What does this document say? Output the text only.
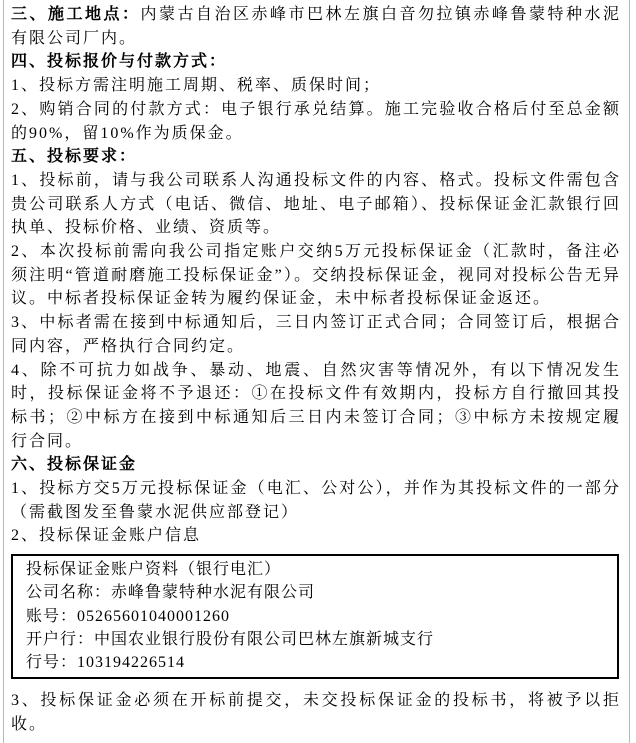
三、施工地点：内蒙古自治区赤峰市巴林左旗白音勿拉镇赤峰鲁蒙特种水泥有限公司厂内。

四、投标报价与付款方式：

1、投标方需注明施工周期、税率、质保时间；

2、购销合同的付款方式：电子银行承兑结算。施工完验收合格后付至总金额的90%，留10%作为质保金。

五、投标要求：

1、投标前，请与我公司联系人沟通投标文件的内容、格式。投标文件需包含贵公司联系人方式（电话、微信、地址、电子邮箱）、投标保证金汇款银行回执单、投标价格、业绩、资质等。

2、本次投标前需向我公司指定账户交纳5万元投标保证金（汇款时，备注必须注明“管道耐磨施工投标保证金”）。交纳投标保证金，视同对投标公告无异议。中标者投标保证金转为履约保证金，未中标者投标保证金返还。

3、中标者需在接到中标通知后，三日内签订正式合同；合同签订后，根据合同内容，严格执行合同约定。

4、除不可抗力如战争、暴动、地震、自然灾害等情况外，有以下情况发生时，投标保证金将不予退还：①在投标文件有效期内，投标方自行撤回其投标书；②中标方在接到中标通知后三日内未签订合同；③中标方未按规定履行合同。

六、投标保证金

1、投标方交5万元投标保证金（电汇、公对公），并作为其投标文件的一部分（需截图发至鲁蒙水泥供应部登记）

2、投标保证金账户信息

投标保证金账户资料（银行电汇）
公司名称：赤峰鲁蒙特种水泥有限公司
账号：05265601040001260
开户行：中国农业银行股份有限公司巴林左旗新城支行
行号：103194226514

3、投标保证金必须在开标前提交，未交投标保证金的投标书，将被予以拒收。
